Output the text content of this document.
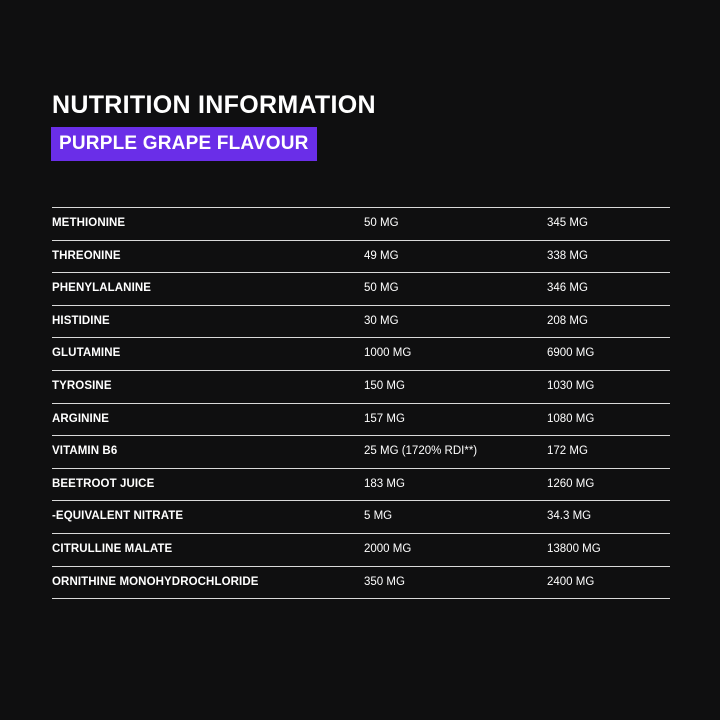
NUTRITION INFORMATION
PURPLE GRAPE FLAVOUR
METHIONINE	50 MG	345 MG
THREONINE	49 MG	338 MG
PHENYLALANINE	50 MG	346 MG
HISTIDINE	30 MG	208 MG
GLUTAMINE	1000 MG	6900 MG
TYROSINE	150 MG	1030 MG
ARGININE	157 MG	1080 MG
VITAMIN B6	25 MG (1720% RDI**)	172 MG
BEETROOT JUICE	183 MG	1260 MG
-EQUIVALENT NITRATE	5 MG	34.3 MG
CITRULLINE MALATE	2000 MG	13800 MG
ORNITHINE MONOHYDROCHLORIDE	350 MG	2400 MG
